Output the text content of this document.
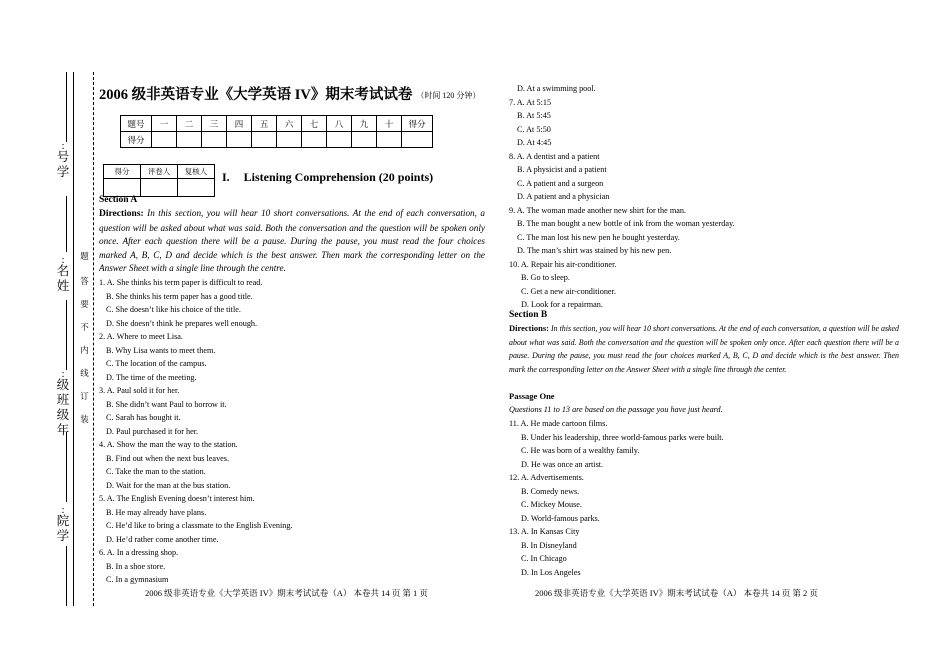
:
号学
:
名姓
:
级班级年
:
院学
题
答
要
不
内
线
订
装
2006 级非英语专业《大学英语 IV》期末考试试卷 （时间 120 分钟）
题号	一	二	三	四	五	六	七	八	九	十	得分
得分											
得分	评卷人	复核人
		I. Listening Comprehension (20 points)
Section A
Directions: In this section, you will hear 10 short conversations. At the end of each conversation, a question will be asked about what was said. Both the conversation and the question will be spoken only once. After each question there will be a pause. During the pause, you must read the four choices marked A, B, C, D and decide which is the best answer. Then mark the corresponding letter on the Answer Sheet with a single line through the centre.
1. A. She thinks his term paper is difficult to read.
B. She thinks his term paper has a good title.
C. She doesn’t like his choice of the title.
D. She doesn’t think he prepares well enough.
2. A. Where to meet Lisa.
B. Why Lisa wants to meet them.
C. The location of the campus.
D. The time of the meeting.
3. A. Paul sold it for her.
B. She didn’t want Paul to borrow it.
C. Sarah has bought it.
D. Paul purchased it for her.
4. A. Show the man the way to the station.
B. Find out when the next bus leaves.
C. Take the man to the station.
D. Wait for the man at the bus station.
5. A. The English Evening doesn’t interest him.
B. He may already have plans.
C. He’d like to bring a classmate to the English Evening.
D. He’d rather come another time.
6. A. In a dressing shop.
B. In a shoe store.
C. In a gymnasium
D. At a swimming pool.
7. A. At 5:15
B. At 5:45
C. At 5:50
D. At 4:45
8. A. A dentist and a patient
B. A physicist and a patient
C. A patient and a surgeon
D. A patient and a physician
9. A. The woman made another new shirt for the man.
B. The man bought a new bottle of ink from the woman yesterday.
C. The man lost his new pen he bought yesterday.
D. The man’s shirt was stained by his new pen.
10. A. Repair his air-conditioner.
B. Go to sleep.
C. Get a new air-conditioner.
D. Look for a repairman.
Section B
Directions: In this section, you will hear 10 short conversations. At the end of each conversation, a question will be asked about what was said. Both the conversation and the question will be spoken only once. After each question there will be a pause. During the pause, you must read the four choices marked A, B, C, D and decide which is the best answer. Then mark the corresponding letter on the Answer Sheet with a single line through the center.
Passage One
Questions 11 to 13 are based on the passage you have just heard.
11. A. He made cartoon films.
B. Under his leadership, three world-famous parks were built.
C. He was born of a wealthy family.
D. He was once an artist.
12. A. Advertisements.
B. Comedy news.
C. Mickey Mouse.
D. World-famous parks.
13. A. In Kansas City
B. In Disneyland
C. In Chicago
D. In Los Angeles
2006 级非英语专业《大学英语 IV》期末考试试卷（A） 本卷共 14 页 第 1 页	2006 级非英语专业《大学英语 IV》期末考试试卷（A） 本卷共 14 页 第 2 页
